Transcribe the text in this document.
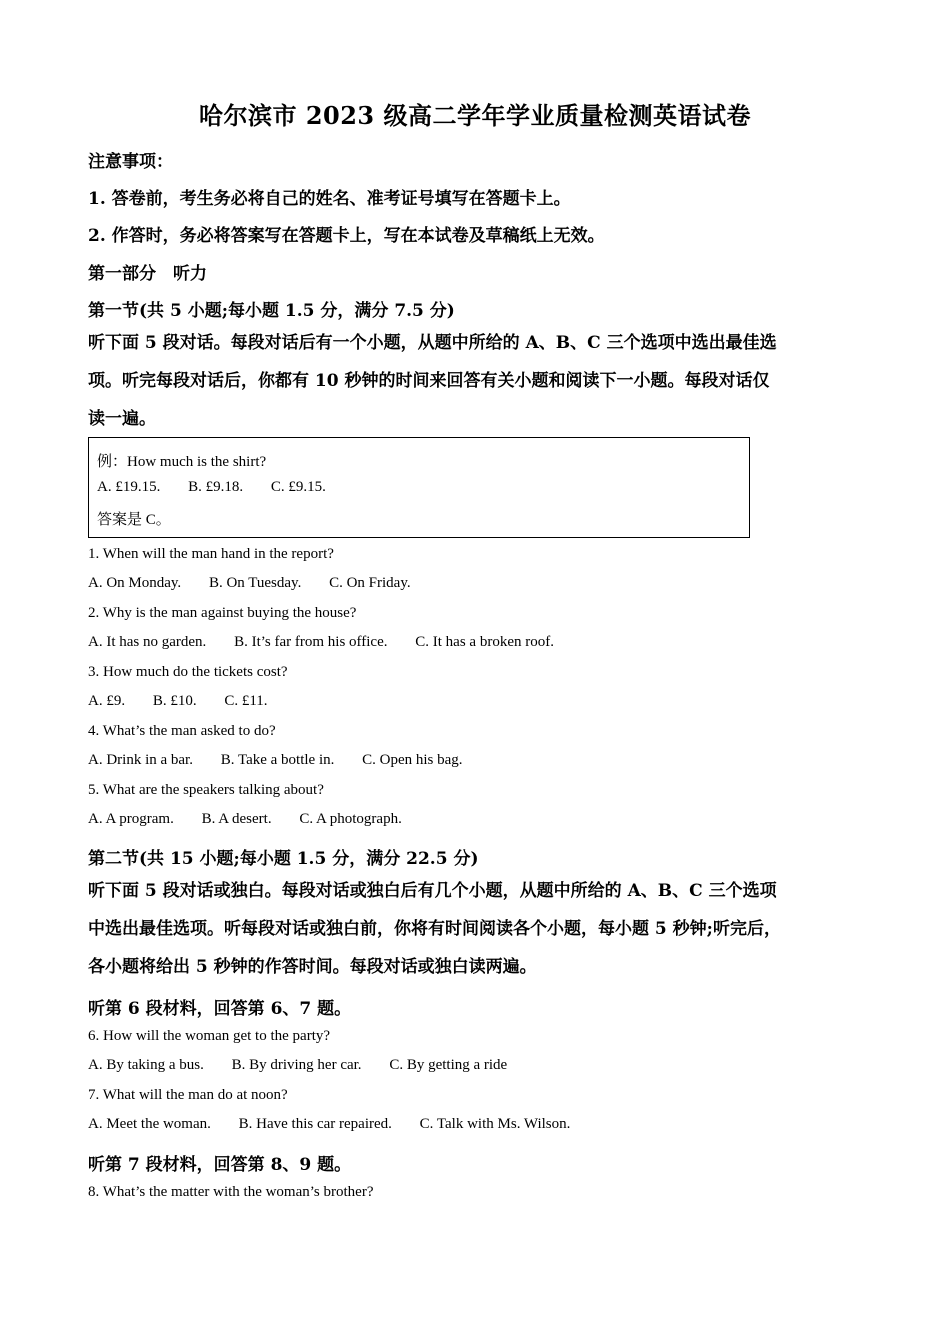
哈尔滨市 2023 级高二学年学业质量检测英语试卷
注意事项：
1. 答卷前，考生务必将自己的姓名、准考证号填写在答题卡上。
2. 作答时，务必将答案写在答题卡上，写在本试卷及草稿纸上无效。
第一部分　听力
第一节(共 5 小题;每小题 1.5 分，满分 7.5 分)
听下面 5 段对话。每段对话后有一个小题，从题中所给的 A、B、C 三个选项中选出最佳选
项。听完每段对话后，你都有 10 秒钟的时间来回答有关小题和阅读下一小题。每段对话仅
读一遍。
例：How much is the shirt?
A. £19.15. B. £9.18. C. £9.15.
答案是 C。
1. When will the man hand in the report?
A. On Monday. B. On Tuesday. C. On Friday.
2. Why is the man against buying the house?
A. It has no garden. B. It’s far from his office. C. It has a broken roof.
3. How much do the tickets cost?
A. £9. B. £10. C. £11.
4. What’s the man asked to do?
A. Drink in a bar. B. Take a bottle in. C. Open his bag.
5. What are the speakers talking about?
A. A program. B. A desert. C. A photograph.
第二节(共 15 小题;每小题 1.5 分，满分 22.5 分)
听下面 5 段对话或独白。每段对话或独白后有几个小题，从题中所给的 A、B、C 三个选项
中选出最佳选项。听每段对话或独白前，你将有时间阅读各个小题，每小题 5 秒钟;听完后，
各小题将给出 5 秒钟的作答时间。每段对话或独白读两遍。
听第 6 段材料，回答第 6、7 题。
6. How will the woman get to the party?
A. By taking a bus. B. By driving her car. C. By getting a ride
7. What will the man do at noon?
A. Meet the woman. B. Have this car repaired. C. Talk with Ms. Wilson.
听第 7 段材料，回答第 8、9 题。
8. What’s the matter with the woman’s brother?
